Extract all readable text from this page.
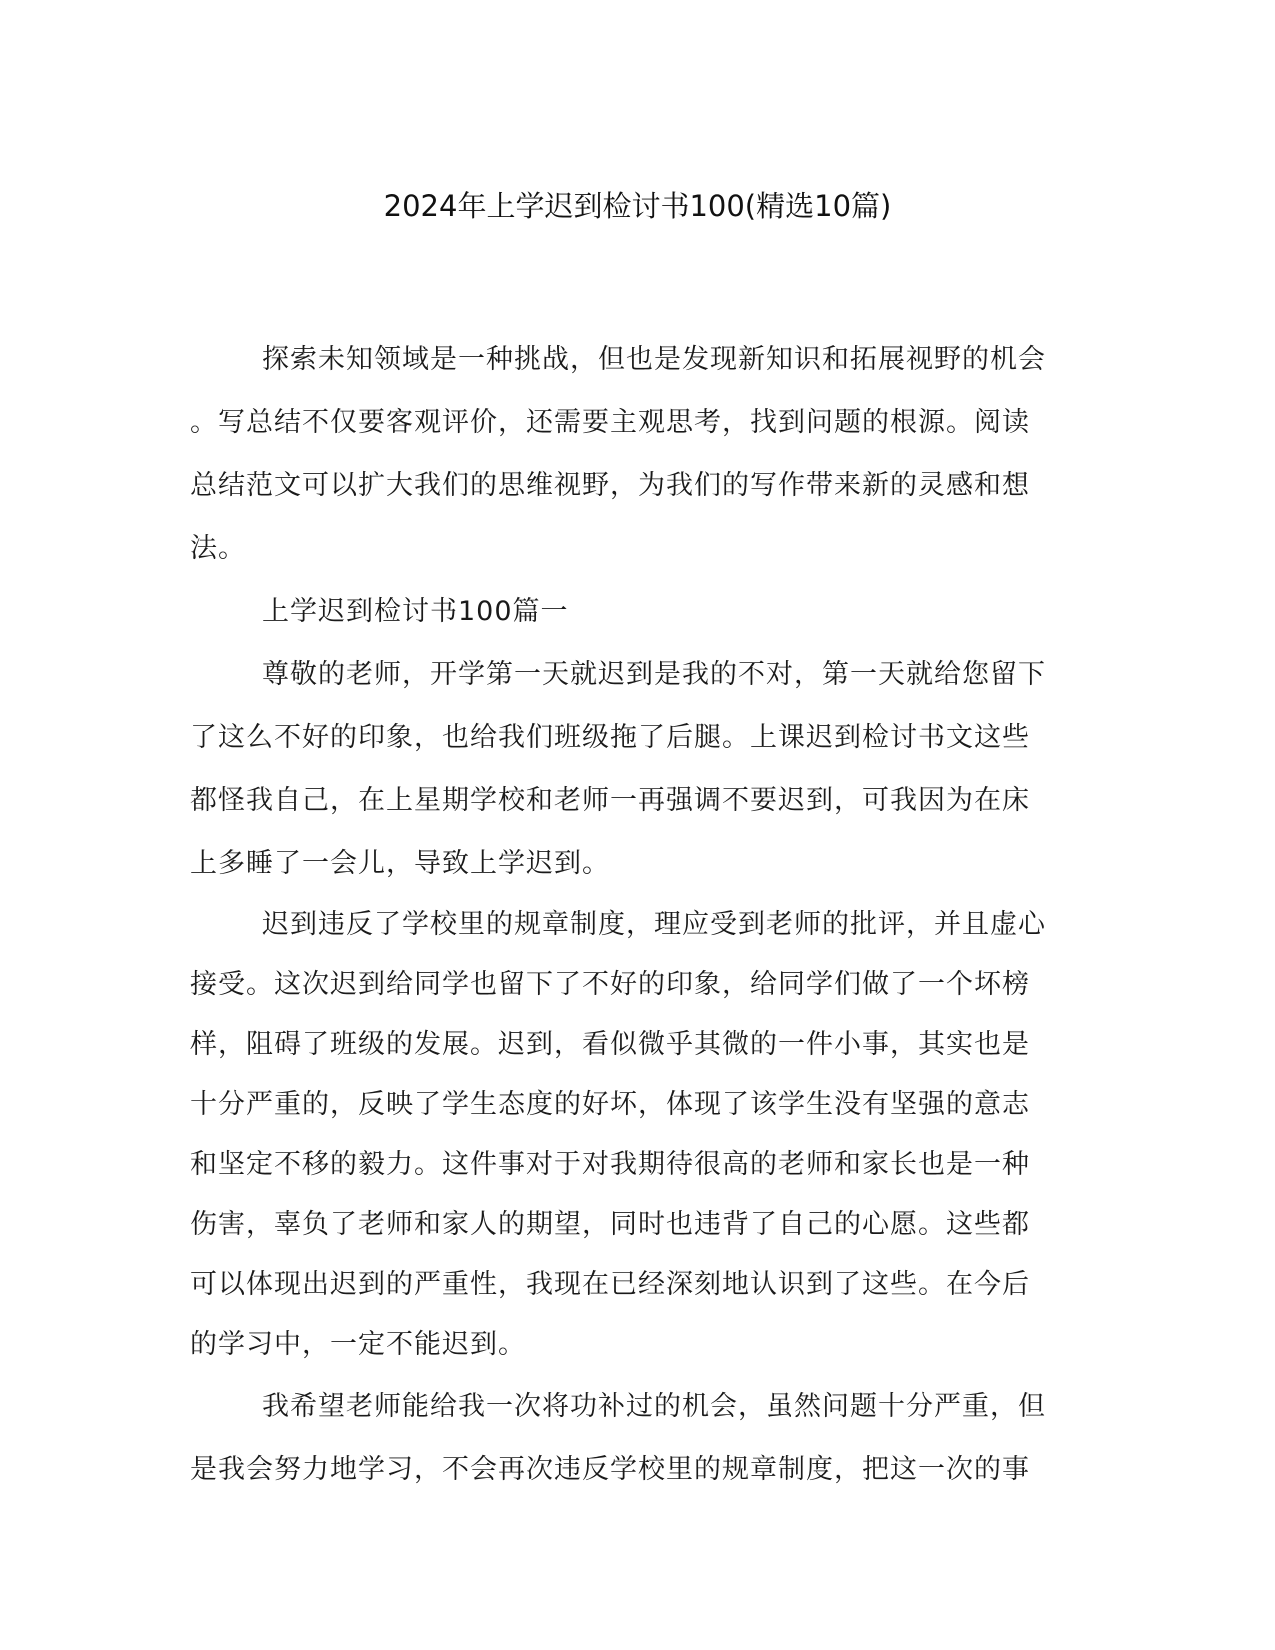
2024年上学迟到检讨书100(精选10篇)
探索未知领域是一种挑战，但也是发现新知识和拓展视野的机会
。写总结不仅要客观评价，还需要主观思考，找到问题的根源。阅读
总结范文可以扩大我们的思维视野，为我们的写作带来新的灵感和想
法。
上学迟到检讨书100篇一
尊敬的老师，开学第一天就迟到是我的不对，第一天就给您留下
了这么不好的印象，也给我们班级拖了后腿。上课迟到检讨书文这些
都怪我自己，在上星期学校和老师一再强调不要迟到，可我因为在床
上多睡了一会儿，导致上学迟到。
迟到违反了学校里的规章制度，理应受到老师的批评，并且虚心
接受。这次迟到给同学也留下了不好的印象，给同学们做了一个坏榜
样，阻碍了班级的发展。迟到，看似微乎其微的一件小事，其实也是
十分严重的，反映了学生态度的好坏，体现了该学生没有坚强的意志
和坚定不移的毅力。这件事对于对我期待很高的老师和家长也是一种
伤害，辜负了老师和家人的期望，同时也违背了自己的心愿。这些都
可以体现出迟到的严重性，我现在已经深刻地认识到了这些。在今后
的学习中，一定不能迟到。
我希望老师能给我一次将功补过的机会，虽然问题十分严重，但
是我会努力地学习，不会再次违反学校里的规章制度，把这一次的事
